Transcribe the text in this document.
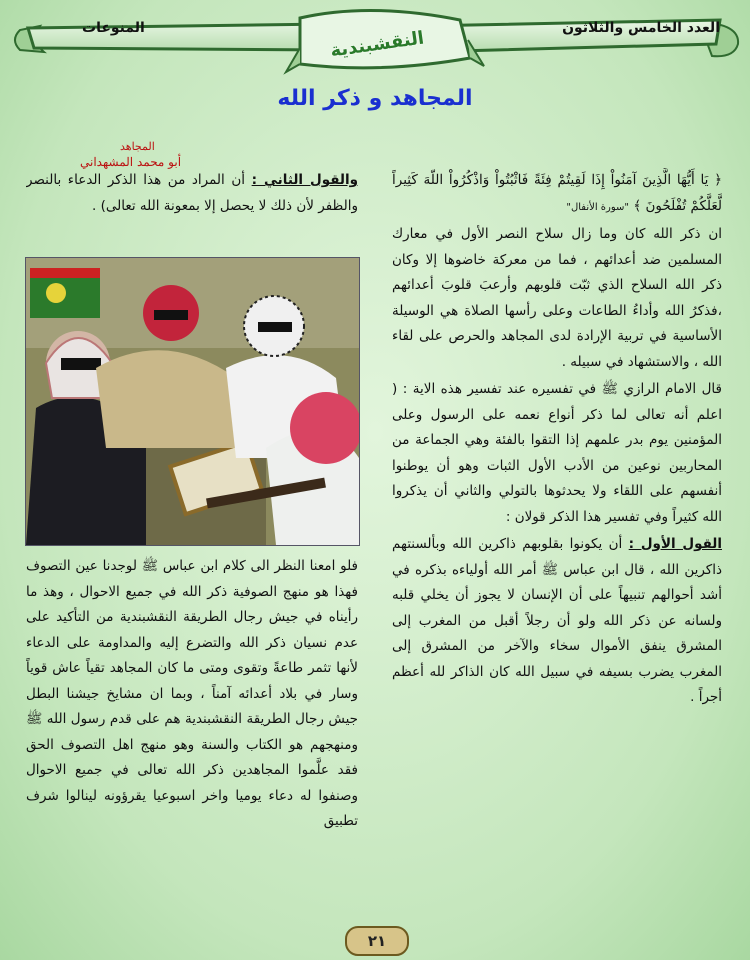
العدد الخامس والثلاثون
المنوعات	النقشبندية
المجاهد و ذكر الله
المجاهد
أبو محمد المشهداني

﴿ يَا أَيُّهَا الَّذِينَ آمَنُواْ إِذَا لَقِيتُمْ فِئَةً فَاثْبُتُواْ وَاذْكُرُواْ اللّهَ كَثِيراً لَّعَلَّكُمْ تُفْلَحُونَ ﴾ "سورة الأنفال"

ان ذكر الله كان وما زال سلاح النصر الأول في معارك المسلمين ضد أعدائهم ، فما من معركة خاضوها إلا وكان ذكر الله السلاح الذي ثبّت قلوبهم وأرعبَ قلوبَ أعدائهم ،فذكرُ الله وأداءُ الطاعات وعلى رأسها الصلاة هي الوسيلة الأساسية في تربية الإرادة لدى المجاهد والحرص على لقاء الله ، والاستشهاد في سبيله .

قال الامام الرازي ﷺ في تفسيره عند تفسير هذه الاية : ( اعلم أنه تعالى لما ذكر أنواع نعمه على الرسول وعلى المؤمنين يوم بدر علمهم إذا التقوا بالفئة وهي الجماعة من المحاربين نوعين من الأدب الأول الثبات وهو أن يوطنوا أنفسهم على اللقاء ولا يحدثوها بالتولي والثاني أن يذكروا الله كثيراً وفي تفسير هذا الذكر قولان :

القول الأول : أن يكونوا بقلوبهم ذاكرين الله وبألسنتهم ذاكرين الله ، قال ابن عباس ﷺ أمر الله أولياءه بذكره في أشد أحوالهم تنبيهاً على أن الإنسان لا يجوز أن يخلي قلبه ولسانه عن ذكر الله ولو أن رجلاً أقبل من المغرب إلى المشرق ينفق الأموال سخاء والآخر من المشرق إلى المغرب يضرب بسيفه في سبيل الله كان الذاكر لله أعظم أجراً .

والقول الثاني : أن المراد من هذا الذكر الدعاء بالنصر والظفر لأن ذلك لا يحصل إلا بمعونة الله تعالى) .

فلو امعنا النظر الى كلام ابن عباس ﷺ لوجدنا عين التصوف فهذا هو منهج الصوفية ذكر الله في جميع الاحوال ، وهذ ما رأيناه في جيش رجال الطريقة النقشبندية من التأكيد على عدم نسيان ذكر الله والتضرع إليه والمداومة على الدعاء لأنها تثمر طاعةً وتقوى ومتى ما كان المجاهد تقياً عاش قوياً وسار في بلاد أعدائه آمناً ، وبما ان مشايخ جيشنا البطل جيش رجال الطريقة النقشبندية هم على قدم رسول الله ﷺ ومنهجهم هو الكتاب والسنة وهو منهج اهل التصوف الحق فقد علَّموا المجاهدين ذكر الله تعالى في جميع الاحوال وصنفوا له دعاء يوميا واخر اسبوعيا يقرؤونه لينالوا شرف تطبيق

٢١
